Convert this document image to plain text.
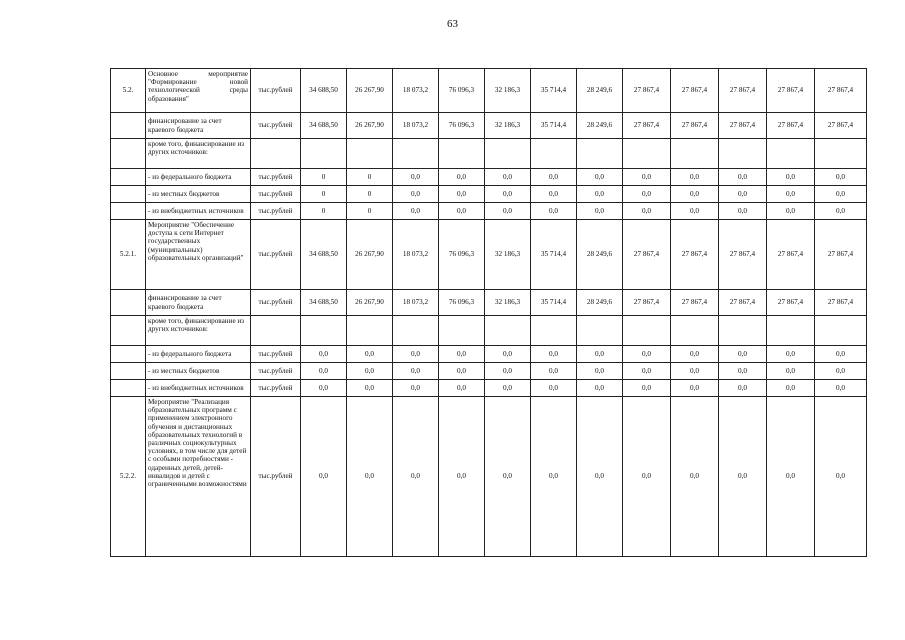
63
5.2.	Основное мероприятие "Формирование новой технологической среды образования"	тыс.рублей	34 688,50	26 267,90	18 073,2	76 096,3	32 186,3	35 714,4	28 249,6	27 867,4	27 867,4	27 867,4	27 867,4	27 867,4
	финансирование за счет краевого бюджета	тыс.рублей	34 688,50	26 267,90	18 073,2	76 096,3	32 186,3	35 714,4	28 249,6	27 867,4	27 867,4	27 867,4	27 867,4	27 867,4
	кроме того, финансирование из других источников:													
	- из федерального бюджета	тыс.рублей	0	0	0,0	0,0	0,0	0,0	0,0	0,0	0,0	0,0	0,0	0,0
	- из местных бюджетов	тыс.рублей	0	0	0,0	0,0	0,0	0,0	0,0	0,0	0,0	0,0	0,0	0,0
	- из внебюджетных источников	тыс.рублей	0	0	0,0	0,0	0,0	0,0	0,0	0,0	0,0	0,0	0,0	0,0
5.2.1.	Мероприятие "Обеспечение доступа к сети Интернет государственных (муниципальных) образовательных организаций"	тыс.рублей	34 688,50	26 267,90	18 073,2	76 096,3	32 186,3	35 714,4	28 249,6	27 867,4	27 867,4	27 867,4	27 867,4	27 867,4
	финансирование за счет краевого бюджета	тыс.рублей	34 688,50	26 267,90	18 073,2	76 096,3	32 186,3	35 714,4	28 249,6	27 867,4	27 867,4	27 867,4	27 867,4	27 867,4
	кроме того, финансирование из других источников:													
	- из федерального бюджета	тыс.рублей	0,0	0,0	0,0	0,0	0,0	0,0	0,0	0,0	0,0	0,0	0,0	0,0
	- из местных бюджетов	тыс.рублей	0,0	0,0	0,0	0,0	0,0	0,0	0,0	0,0	0,0	0,0	0,0	0,0
	- из внебюджетных источников	тыс.рублей	0,0	0,0	0,0	0,0	0,0	0,0	0,0	0,0	0,0	0,0	0,0	0,0
5.2.2.	Мероприятие "Реализация образовательных программ с применением электронного обучения и дистанционных образовательных технологий в различных социокультурных условиях, в том числе для детей с особыми потребностями - одаренных детей, детей-инвалидов и детей с ограниченными возможностями	тыс.рублей	0,0	0,0	0,0	0,0	0,0	0,0	0,0	0,0	0,0	0,0	0,0	0,0
